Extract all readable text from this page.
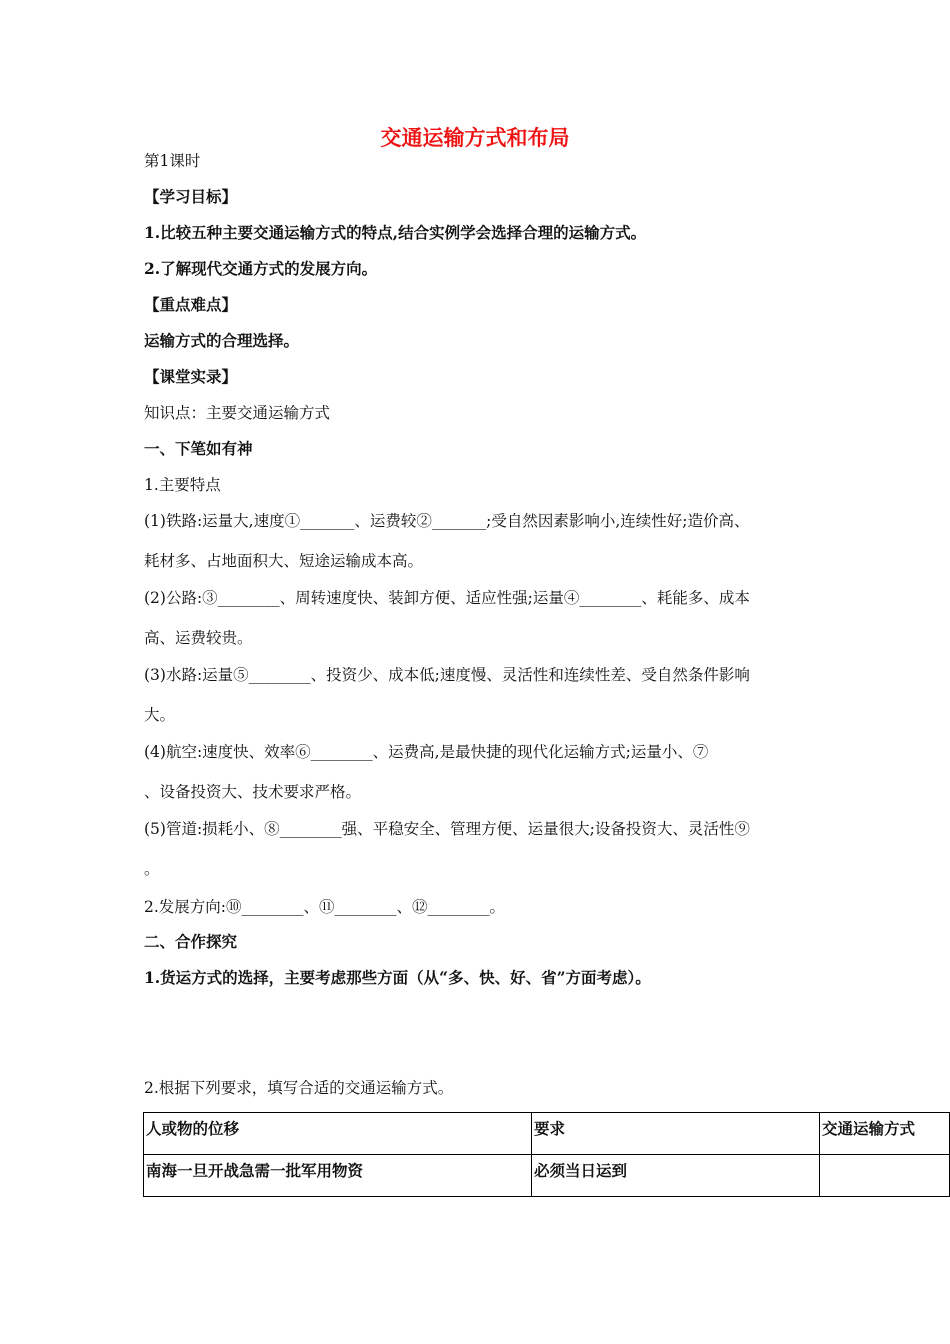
交通运输方式和布局

第1课时

【学习目标】

1.比较五种主要交通运输方式的特点,结合实例学会选择合理的运输方式。

2.了解现代交通方式的发展方向。

【重点难点】

运输方式的合理选择。

【课堂实录】

知识点：主要交通运输方式

一、下笔如有神

1.主要特点

(1)铁路:运量大,速度①_______、运费较②_______;受自然因素影响小,连续性好;造价高、

耗材多、占地面积大、短途运输成本高。

(2)公路:③________、周转速度快、装卸方便、适应性强;运量④________、耗能多、成本

高、运费较贵。

(3)水路:运量⑤________、投资少、成本低;速度慢、灵活性和连续性差、受自然条件影响

大。

(4)航空:速度快、效率⑥________、运费高,是最快捷的现代化运输方式;运量小、⑦

、设备投资大、技术要求严格。

(5)管道:损耗小、⑧________强、平稳安全、管理方便、运量很大;设备投资大、灵活性⑨

。

2.发展方向:⑩________、⑪________、⑫________。

二、合作探究

1.货运方式的选择，主要考虑那些方面（从“多、快、好、省”方面考虑）。

2.根据下列要求，填写合适的交通运输方式。

人或物的位移	要求	交通运输方式
南海一旦开战急需一批军用物资	必须当日运到	
